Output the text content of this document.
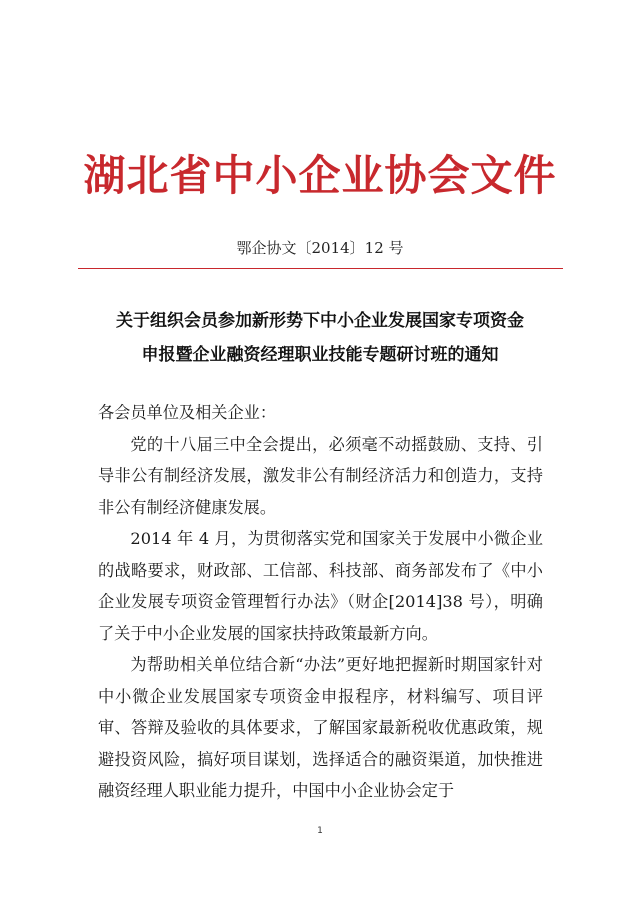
湖北省中小企业协会文件
鄂企协文〔2014〕12 号
关于组织会员参加新形势下中小企业发展国家专项资金
申报暨企业融资经理职业技能专题研讨班的通知

各会员单位及相关企业：

党的十八届三中全会提出，必须毫不动摇鼓励、支持、引导非公有制经济发展，激发非公有制经济活力和创造力，支持非公有制经济健康发展。

2014 年 4 月，为贯彻落实党和国家关于发展中小微企业的战略要求，财政部、工信部、科技部、商务部发布了《中小企业发展专项资金管理暂行办法》（财企[2014]38 号），明确了关于中小企业发展的国家扶持政策最新方向。

为帮助相关单位结合新“办法”更好地把握新时期国家针对中小微企业发展国家专项资金申报程序，材料编写、项目评审、答辩及验收的具体要求，了解国家最新税收优惠政策，规避投资风险，搞好项目谋划，选择适合的融资渠道，加快推进融资经理人职业能力提升，中国中小企业协会定于

1
